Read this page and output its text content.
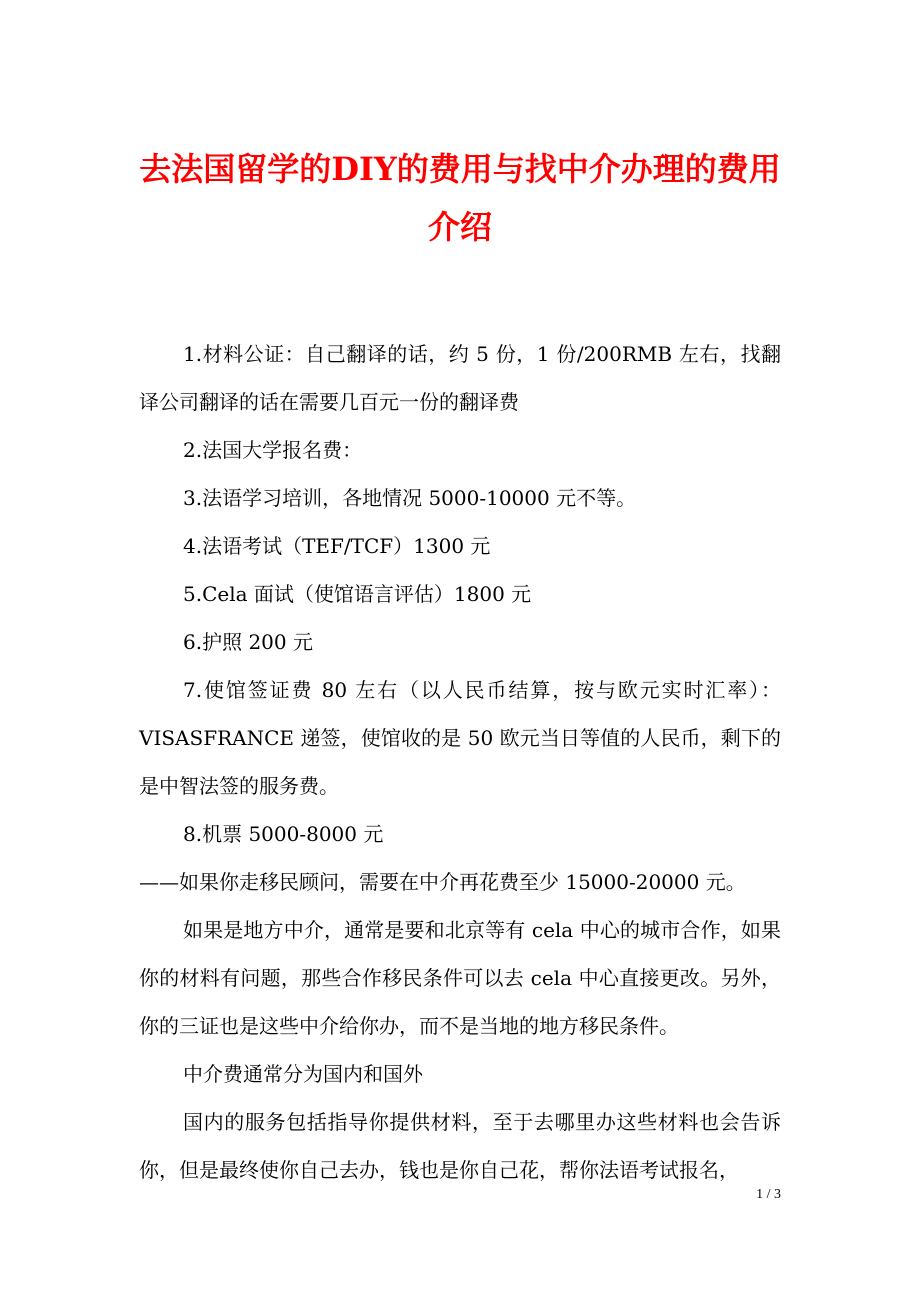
去法国留学的DIY的费用与找中介办理的费用介绍

1.材料公证：自己翻译的话，约 5 份，1 份/200RMB 左右，找翻译公司翻译的话在需要几百元一份的翻译费

2.法国大学报名费：

3.法语学习培训，各地情况 5000-10000 元不等。

4.法语考试（TEF/TCF）1300 元

5.Cela 面试（使馆语言评估）1800 元

6.护照 200 元

7.使馆签证费 80 左右（以人民币结算，按与欧元实时汇率）：VISASFRANCE 递签，使馆收的是 50 欧元当日等值的人民币，剩下的是中智法签的服务费。

8.机票 5000-8000 元

——如果你走移民顾问，需要在中介再花费至少 15000-20000 元。

如果是地方中介，通常是要和北京等有 cela 中心的城市合作，如果你的材料有问题，那些合作移民条件可以去 cela 中心直接更改。另外，你的三证也是这些中介给你办，而不是当地的地方移民条件。

中介费通常分为国内和国外

国内的服务包括指导你提供材料，至于去哪里办这些材料也会告诉你，但是最终使你自己去办，钱也是你自己花，帮你法语考试报名，

1 / 3
